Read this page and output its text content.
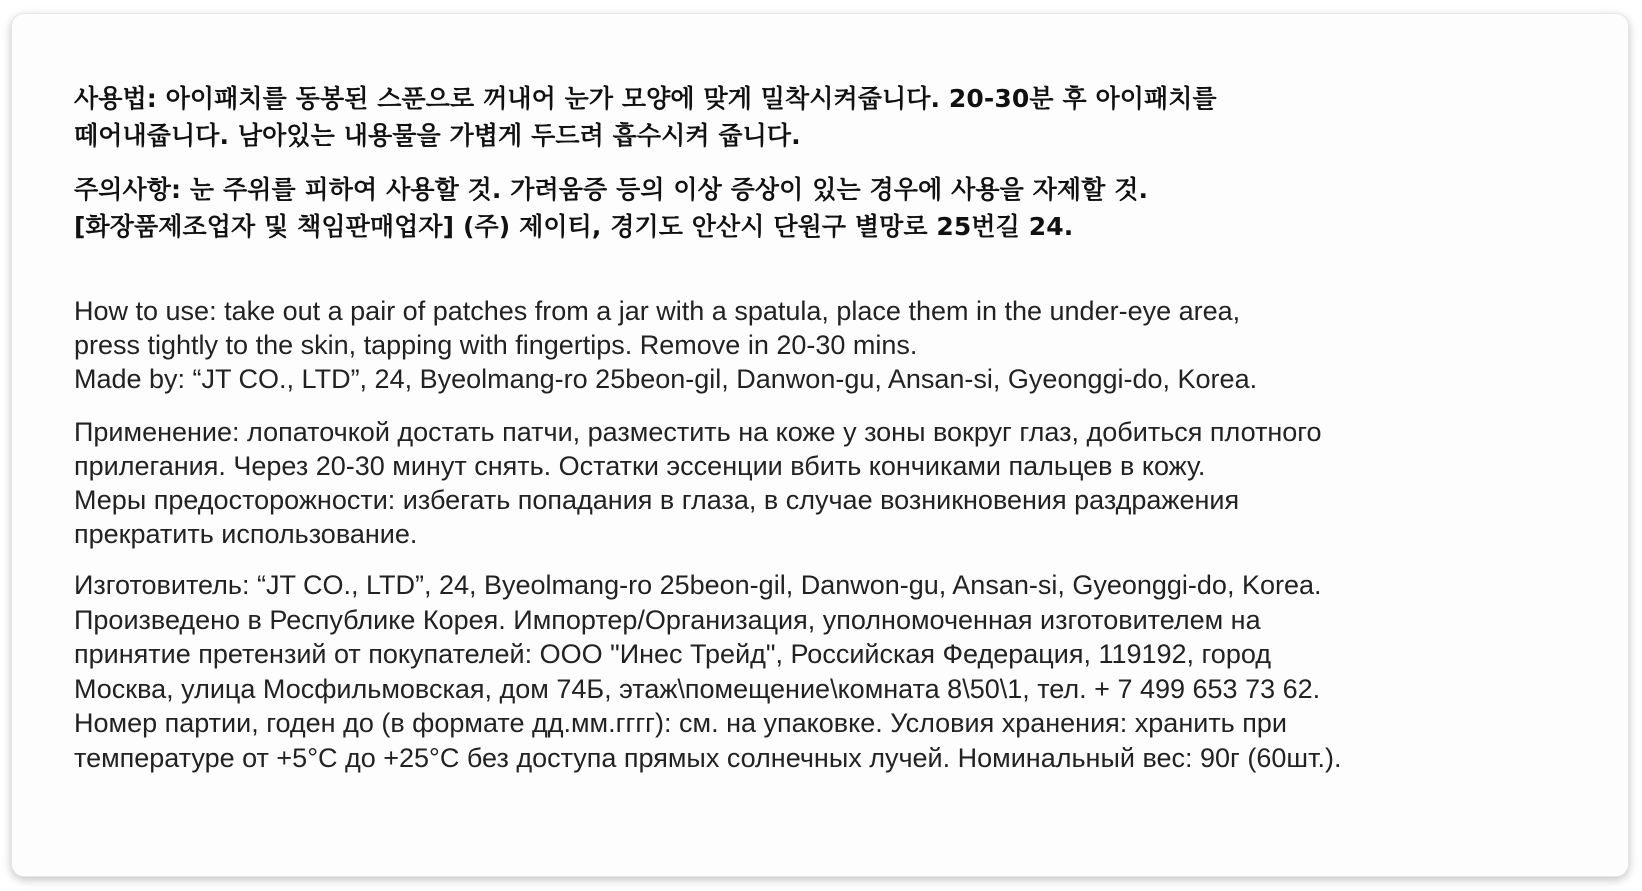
사용법: 아이패치를 동봉된 스푼으로 꺼내어 눈가 모양에 맞게 밀착시켜줍니다. 20-30분 후 아이패치를
떼어내줍니다. 남아있는 내용물을 가볍게 두드려 흡수시켜 줍니다.

주의사항: 눈 주위를 피하여 사용할 것. 가려움증 등의 이상 증상이 있는 경우에 사용을 자제할 것.
[화장품제조업자 및 책임판매업자] (주) 제이티, 경기도 안산시 단원구 별망로 25번길 24.

How to use: take out a pair of patches from a jar with a spatula, place them in the under-eye area,
press tightly to the skin, tapping with fingertips. Remove in 20-30 mins.
Made by: “JT CO., LTD”, 24, Byeolmang-ro 25beon-gil, Danwon-gu, Ansan-si, Gyeonggi-do, Korea.

Применение: лопаточкой достать патчи, разместить на коже у зоны вокруг глаз, добиться плотного
прилегания. Через 20-30 минут снять. Остатки эссенции вбить кончиками пальцев в кожу.
Меры предосторожности: избегать попадания в глаза, в случае возникновения раздражения
прекратить использование.

Изготовитель: “JT CO., LTD”, 24, Byeolmang-ro 25beon-gil, Danwon-gu, Ansan-si, Gyeonggi-do, Korea.
Произведено в Республике Корея. Импортер/Организация, уполномоченная изготовителем на
принятие претензий от покупателей: ООО "Инес Трейд", Российская Федерация, 119192, город
Москва, улица Мосфильмовская, дом 74Б, этаж\помещение\комната 8\50\1, тел. + 7 499 653 73 62.
Номер партии, годен до (в формате дд.мм.гггг): см. на упаковке. Условия хранения: хранить при
температуре от +5°С до +25°С без доступа прямых солнечных лучей. Номинальный вес: 90г (60шт.).
